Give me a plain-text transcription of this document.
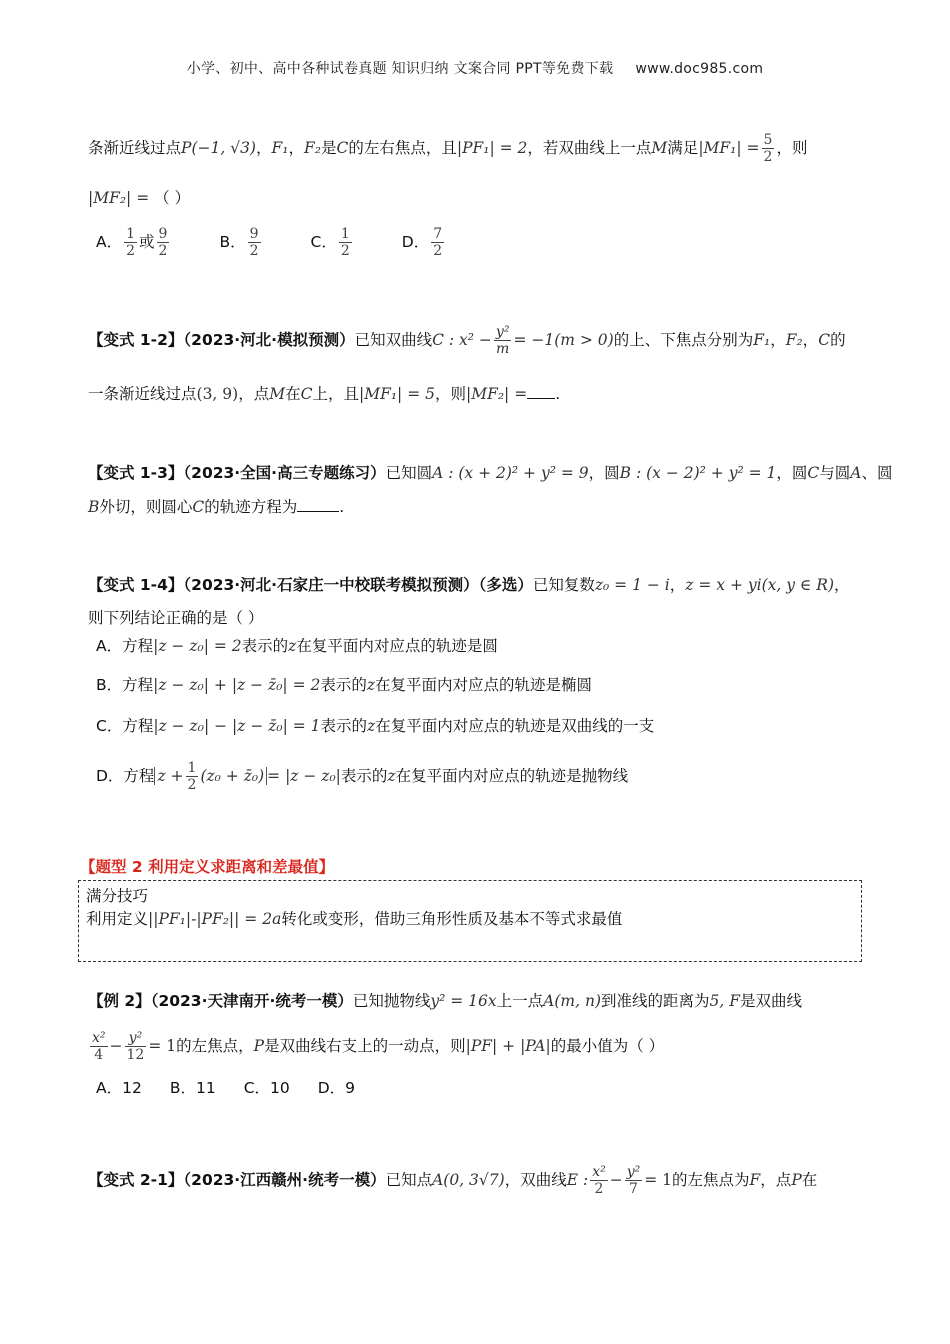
小学、初中、高中各种试卷真题 知识归纳 文案合同 PPT等免费下载 www.doc985.com
条渐近线过点P(−1, √3)，F₁，F₂是C的左右焦点，且|PF₁| = 2，若双曲线上一点M满足$|MF_1| = \frac{5}{2}$ ，则
|MF₂| = （ ）
A． $\frac{1}{2}$ 或 $\frac{9}{2}$	B． $\frac{9}{2}$	C． $\frac{1}{2}$	D． $\frac{7}{2}$
【变式 1-2】（2023·河北·模拟预测）已知双曲线C : $x^2 - \frac{\text{y²}}{m} = -1(m > 0)$的上、下焦点分别为F₁，F₂，C的
一条渐近线过点(3, 9)，点M在C上，且|MF₁| = 5，则|MF₂| = .
【变式 1-3】（2023·全国·高三专题练习）已知圆A : (x + 2)² + y² = 9，圆B : (x − 2)² + y² = 1，圆C与圆A、圆
B外切，则圆心C的轨迹方程为	.
【变式 1-4】（2023·河北·石家庄一中校联考模拟预测）（多选）已知复数z₀ = 1 − i，z = x + yi(x, y ∈ R)，
则下列结论正确的是（ ）
A．方程|z − z₀| = 2表示的z在复平面内对应点的轨迹是圆
B．方程|z − z₀| + |z − z̄₀| = 2表示的z在复平面内对应点的轨迹是椭圆
C．方程|z − z₀| − |z − z̄₀| = 1表示的z在复平面内对应点的轨迹是双曲线的一支
D．方程 $z + \frac{1}{2} (z_0$ + z̄₀) = |z − z₀|表示的z在复平面内对应点的轨迹是抛物线
【题型 2 利用定义求距离和差最值】
满分技巧
利用定义||PF₁|-|PF₂|| = 2a转化或变形，借助三角形性质及基本不等式求最值
【例 2】（2023·天津南开·统考一模）已知抛物线y² = 16x上一点A(m, n)到准线的距离为5, F是双曲线
$\frac{\text{x²}}{4} - \frac{\text{y²}}{12} = 1$的左焦点，P是双曲线右支上的一动点，则|PF| + |PA|的最小值为（ ）
A．12 B．11 C．10 D．9
【变式 2-1】（2023·江西赣州·统考一模）已知点A(0, 3√7)，双曲线E : $\frac{\text{x²}}{2} - \frac{\text{y²}}{7} = 1$的左焦点为F，点P在
